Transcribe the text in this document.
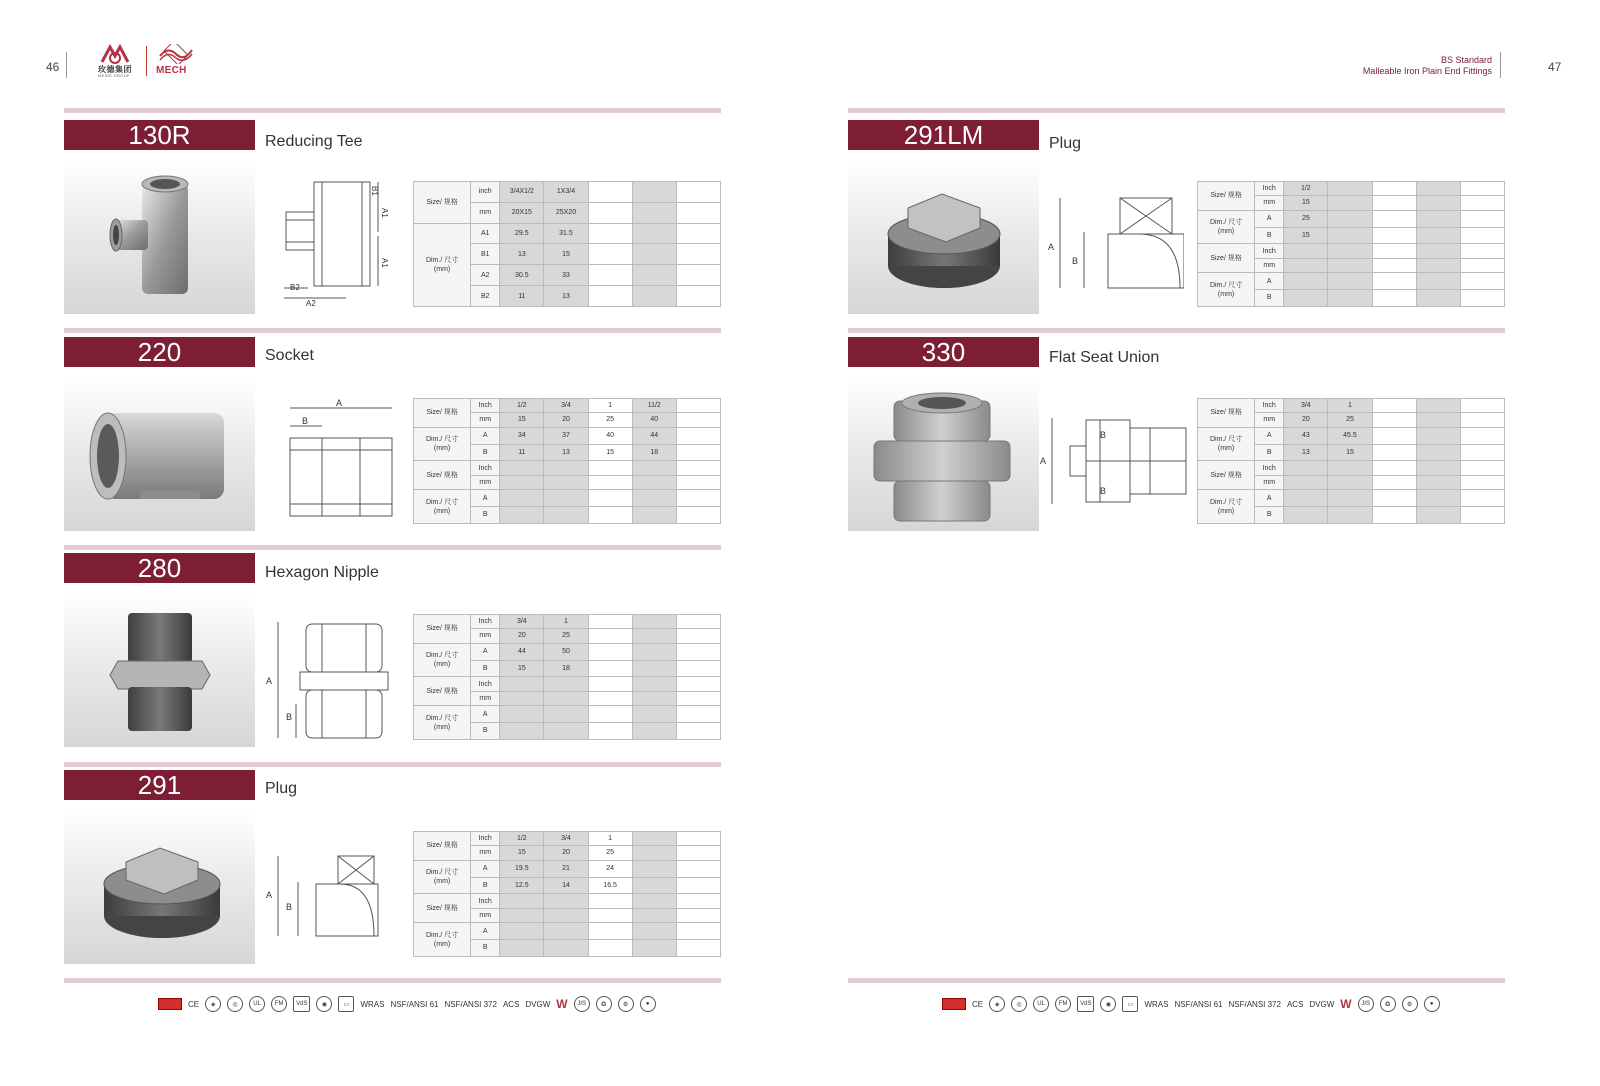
46	玫德集团
MEIDE GROUP	MECH
BS Standard
Malleable Iron Plain End Fittings	47
130R	Reducing Tee
A1
A1
B1
A2
B2
Size/ 规格	inch	3/4X1/2	1X3/4			
	mm	20X15	25X20			

Dim./ 尺寸
(mm)	A1	29.5	31.5			
	B1	13	15			
	A2	30.5	33			
	B2	11	13			
220	Socket
A
B
280	Hexagon Nipple
A
B
291	Plug
A
B
291LM	Plug
A
B
330	Flat Seat Union
A
B
B
CE	◈	◎	UL	FM	VdS	◉	▭	WRAS NSF/ANSI 61 NSF/ANSI 372 ACS DVGW W	JIS	✪	⚙	●	CE	◈	◎	UL	FM	VdS	◉	▭	WRAS NSF/ANSI 61 NSF/ANSI 372 ACS DVGW W	JIS	✪	⚙	●
Size/ 规格	Inch	1/2	3/4	1	11/2	
	mm	15	20	25	40	

Dim./ 尺寸
(mm)	A	34	37	40	44	
	B	11	13	15	18	
Size/ 规格	Inch					
	mm					

Dim./ 尺寸
(mm)	A					
	B					
Size/ 规格	Inch	3/4	1			
	mm	20	25			

Dim./ 尺寸
(mm)	A	44	50			
	B	15	18			
Size/ 规格	Inch					
	mm					

Dim./ 尺寸
(mm)	A					
	B					
Size/ 规格	Inch	1/2	3/4	1		
	mm	15	20	25		

Dim./ 尺寸
(mm)	A	19.5	21	24		
	B	12.5	14	16.5		
Size/ 规格	Inch					
	mm					

Dim./ 尺寸
(mm)	A					
	B					
Size/ 规格	Inch	1/2				
	mm	15				

Dim./ 尺寸
(mm)	A	25				
	B	15				
Size/ 规格	Inch					
	mm					

Dim./ 尺寸
(mm)	A					
	B					
Size/ 规格	Inch	3/4	1			
	mm	20	25			

Dim./ 尺寸
(mm)	A	43	45.5			
	B	13	15			
Size/ 规格	Inch					
	mm					

Dim./ 尺寸
(mm)	A					
	B					
